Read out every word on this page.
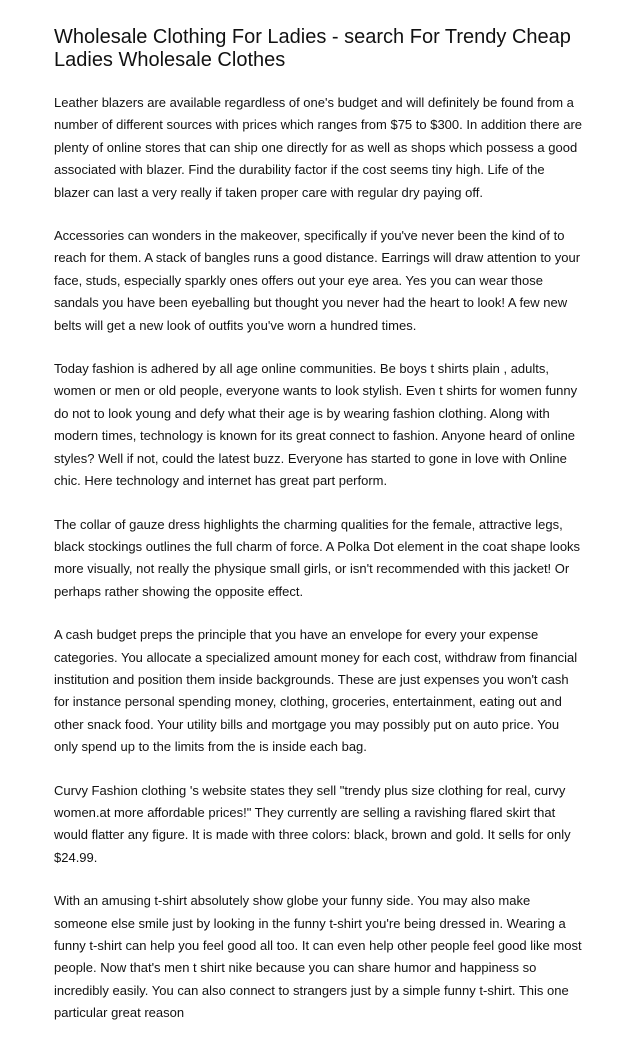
Wholesale Clothing For Ladies - search For Trendy Cheap Ladies Wholesale Clothes

Leather blazers are available regardless of one's budget and will definitely be found from a number of different sources with prices which ranges from $75 to $300. In addition there are plenty of online stores that can ship one directly for as well as shops which possess a good associated with blazer. Find the durability factor if the cost seems tiny high. Life of the blazer can last a very really if taken proper care with regular dry paying off.

Accessories can wonders in the makeover, specifically if you've never been the kind of to reach for them. A stack of bangles runs a good distance. Earrings will draw attention to your face, studs, especially sparkly ones offers out your eye area. Yes you can wear those sandals you have been eyeballing but thought you never had the heart to look! A few new belts will get a new look of outfits you've worn a hundred times.

Today fashion is adhered by all age online communities. Be boys t shirts plain , adults, women or men or old people, everyone wants to look stylish. Even t shirts for women funny do not to look young and defy what their age is by wearing fashion clothing. Along with modern times, technology is known for its great connect to fashion. Anyone heard of online styles? Well if not, could the latest buzz. Everyone has started to gone in love with Online chic. Here technology and internet has great part perform.

The collar of gauze dress highlights the charming qualities for the female, attractive legs, black stockings outlines the full charm of force. A Polka Dot element in the coat shape looks more visually, not really the physique small girls, or isn't recommended with this jacket! Or perhaps rather showing the opposite effect.

A cash budget preps the principle that you have an envelope for every your expense categories. You allocate a specialized amount money for each cost, withdraw from financial institution and position them inside backgrounds. These are just expenses you won't cash for instance personal spending money, clothing, groceries, entertainment, eating out and other snack food. Your utility bills and mortgage you may possibly put on auto price. You only spend up to the limits from the is inside each bag.

Curvy Fashion clothing 's website states they sell "trendy plus size clothing for real, curvy women.at more affordable prices!" They currently are selling a ravishing flared skirt that would flatter any figure. It is made with three colors: black, brown and gold. It sells for only $24.99.

With an amusing t-shirt absolutely show globe your funny side. You may also make someone else smile just by looking in the funny t-shirt you're being dressed in. Wearing a funny t-shirt can help you feel good all too. It can even help other people feel good like most people. Now that's men t shirt nike because you can share humor and happiness so incredibly easily. You can also connect to strangers just by a simple funny t-shirt. This one particular great reason
